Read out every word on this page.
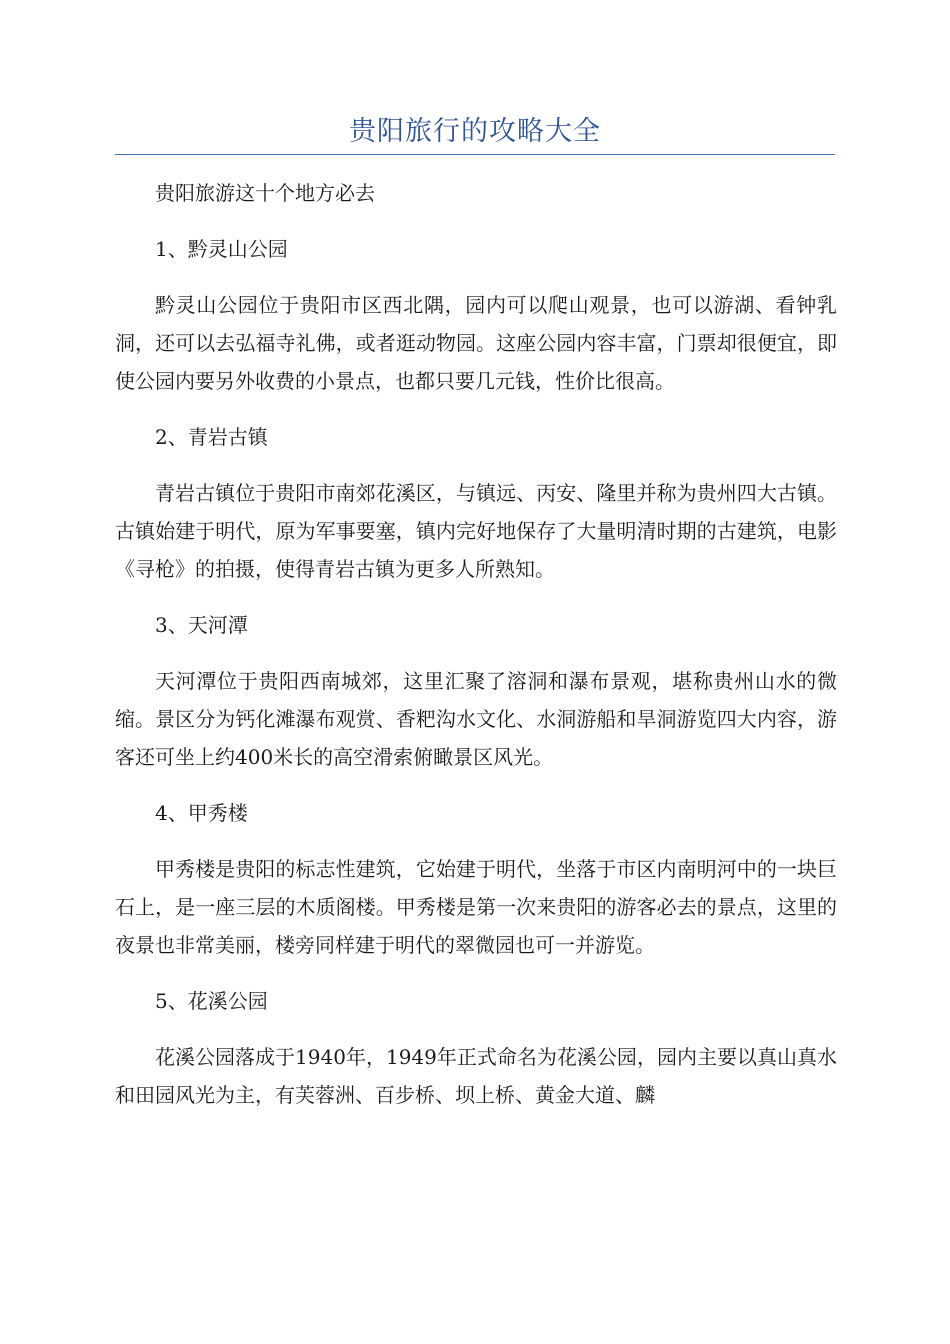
贵阳旅行的攻略大全

贵阳旅游这十个地方必去

1、黔灵山公园

黔灵山公园位于贵阳市区西北隅，园内可以爬山观景，也可以游湖、看钟乳洞，还可以去弘福寺礼佛，或者逛动物园。这座公园内容丰富，门票却很便宜，即使公园内要另外收费的小景点，也都只要几元钱，性价比很高。

2、青岩古镇

青岩古镇位于贵阳市南郊花溪区，与镇远、丙安、隆里并称为贵州四大古镇。古镇始建于明代，原为军事要塞，镇内完好地保存了大量明清时期的古建筑，电影《寻枪》的拍摄，使得青岩古镇为更多人所熟知。

3、天河潭

天河潭位于贵阳西南城郊，这里汇聚了溶洞和瀑布景观，堪称贵州山水的微缩。景区分为钙化滩瀑布观赏、香粑沟水文化、水洞游船和旱洞游览四大内容，游客还可坐上约400米长的高空滑索俯瞰景区风光。

4、甲秀楼

甲秀楼是贵阳的标志性建筑，它始建于明代，坐落于市区内南明河中的一块巨石上，是一座三层的木质阁楼。甲秀楼是第一次来贵阳的游客必去的景点，这里的夜景也非常美丽，楼旁同样建于明代的翠微园也可一并游览。

5、花溪公园

花溪公园落成于1940年，1949年正式命名为花溪公园，园内主要以真山真水和田园风光为主，有芙蓉洲、百步桥、坝上桥、黄金大道、麟
